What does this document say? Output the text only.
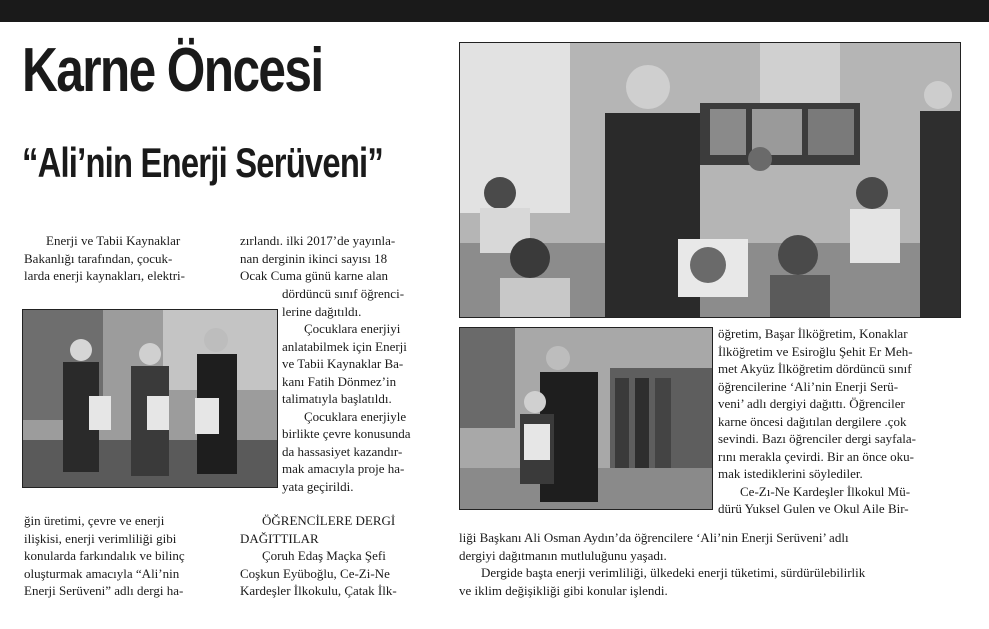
Karne Öncesi
“Ali’nin Enerji Serüveni”

Enerji ve Tabii Kaynaklar

Bakanlığı tarafından, çocuk-

larda enerji kaynakları, elektri-

zırlandı. ilki 2017’de yayınla-

nan derginin ikinci sayısı 18

Ocak Cuma günü karne alan

dördüncü sınıf öğrenci-

lerine dağıtıldı.

Çocuklara enerjiyi

anlatabilmek için Enerji

ve Tabii Kaynaklar Ba-

kanı Fatih Dönmez’in

talimatıyla başlatıldı.

Çocuklara enerjiyle

birlikte çevre konusunda

da hassasiyet kazandır-

mak amacıyla proje ha-

yata geçirildi.

ğin üretimi, çevre ve enerji

ilişkisi, enerji verimliliği gibi

konularda farkındalık ve bilinç

oluşturmak amacıyla “Ali’nin

Enerji Serüveni” adlı dergi ha-

ÖĞRENCİLERE DERGİ

DAĞITTILAR

Çoruh Edaş Maçka Şefi

Coşkun Eyüboğlu, Ce-Zi-Ne

Kardeşler İlkokulu, Çatak İlk-

öğretim, Başar İlköğretim, Konaklar

İlköğretim ve Esiroğlu Şehit Er Meh-

met Akyüz İlköğretim dördüncü sınıf

öğrencilerine ‘Ali’nin Enerji Serü-

veni’ adlı dergiyi dağıttı. Öğrenciler

karne öncesi dağıtılan dergilere .çok

sevindi. Bazı öğrenciler dergi sayfala-

rını merakla çevirdi. Bir an önce oku-

mak istediklerini söylediler.

Ce-Zı-Ne Kardeşler İlkokul Mü-

dürü Yuksel Gulen ve Okul Aile Bir-

liği Başkanı Ali Osman Aydın’da öğrencilere ‘Ali’nin Enerji Serüveni’ adlı

dergiyi dağıtmanın mutluluğunu yaşadı.

Dergide başta enerji verimliliği, ülkedeki enerji tüketimi, sürdürülebilirlik

ve iklim değişikliği gibi konular işlendi.
